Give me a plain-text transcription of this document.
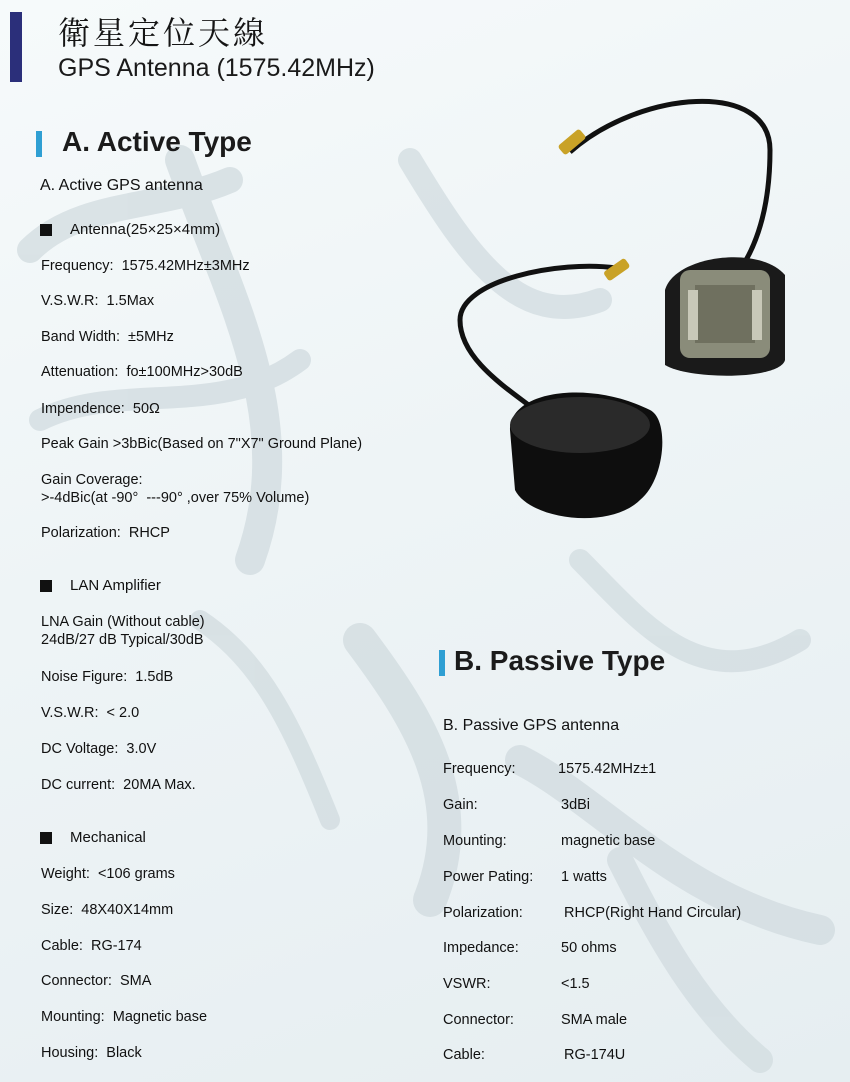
衛星定位天線
GPS Antenna (1575.42MHz)
A. Active Type
A. Active GPS antenna
Antenna(25×25×4mm)
Frequency:  1575.42MHz±3MHz
V.S.W.R:  1.5Max
Band Width:  ±5MHz
Attenuation:  fo±100MHz>30dB
Impendence:  50Ω
Peak Gain >3bBic(Based on 7"X7" Ground Plane)
Gain Coverage:
>-4dBic(at -90°  ---90° ,over 75% Volume)
Polarization:  RHCP
LAN Amplifier
LNA Gain (Without cable)
24dB/27 dB Typical/30dB
Noise Figure:  1.5dB
V.S.W.R:  < 2.0
DC Voltage:  3.0V
DC current:  20MA Max.
Mechanical
Weight:  <106 grams
Size:  48X40X14mm
Cable:  RG-174
Connector:  SMA
Mounting:  Magnetic base
Housing:  Black
B. Passive Type
B. Passive GPS antenna
Frequency:	1575.42MHz±1
Gain:	3dBi
Mounting:	magnetic base
Power Pating:	1 watts
Polarization:	RHCP(Right Hand Circular)
Impedance:	50 ohms
VSWR:	<1.5
Connector:	SMA male
Cable:	RG-174U
